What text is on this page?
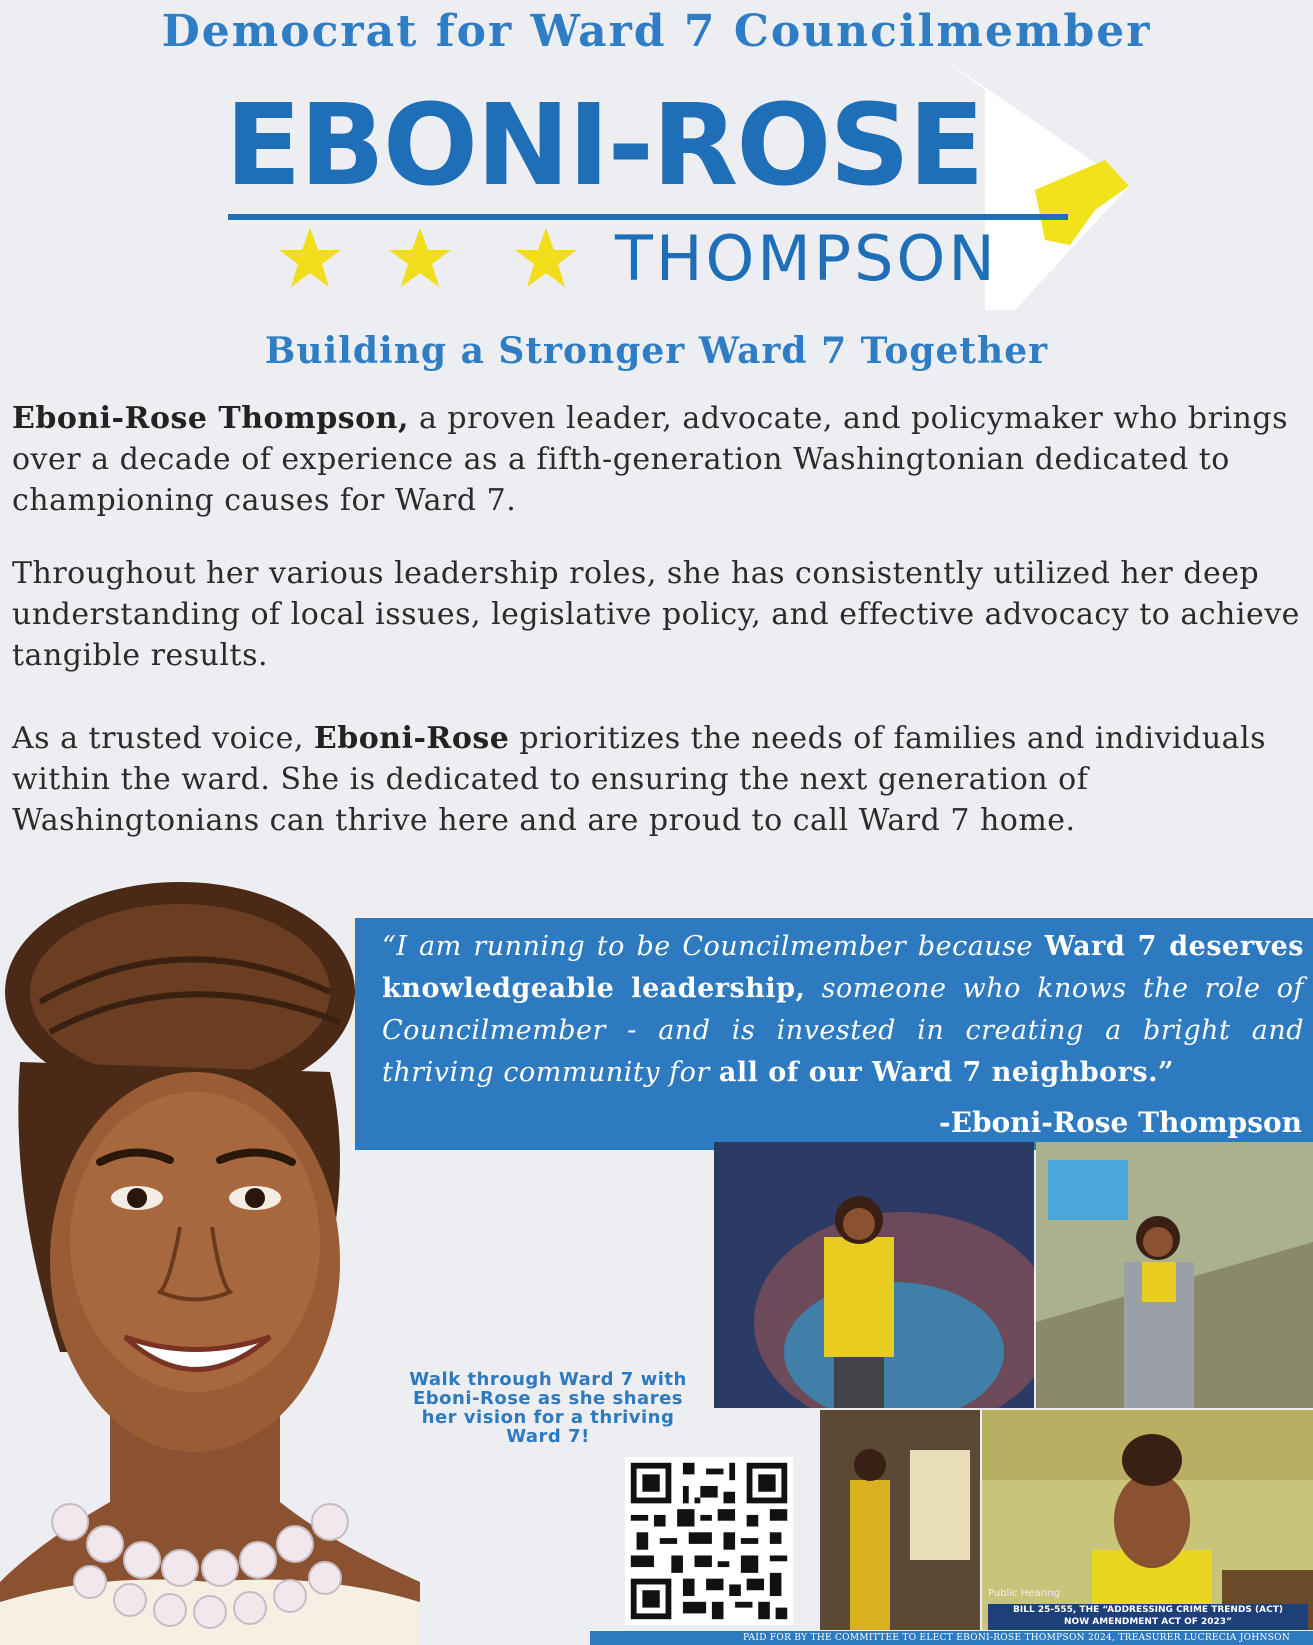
Democrat for Ward 7 Councilmember
EBONI-ROSE
THOMPSON
Building a Stronger Ward 7 Together
Eboni-Rose Thompson, a proven leader, advocate, and policymaker who brings over a decade of experience as a fifth-generation Washingtonian dedicated to championing causes for Ward 7.
Throughout her various leadership roles, she has consistently utilized her deep understanding of local issues, legislative policy, and effective advocacy to achieve tangible results.
As a trusted voice, Eboni-Rose prioritizes the needs of families and individuals within the ward. She is dedicated to ensuring the next generation of Washingtonians can thrive here and are proud to call Ward 7 home.
“I am running to be Councilmember because Ward 7 deserves knowledgeable leadership, someone who knows the role of Councilmember - and is invested in creating a bright and thriving community for all of our Ward 7 neighbors.”
-Eboni-Rose Thompson
Public Hearing
BILL 25-555, THE “ADDRESSING CRIME TRENDS (ACT)
NOW AMENDMENT ACT OF 2023”
Walk through Ward 7 with Eboni-Rose as she shares her vision for a thriving Ward 7!
PAID FOR BY THE COMMITTEE TO ELECT EBONI-ROSE THOMPSON 2024, TREASURER LUCRECIA JOHNSON
